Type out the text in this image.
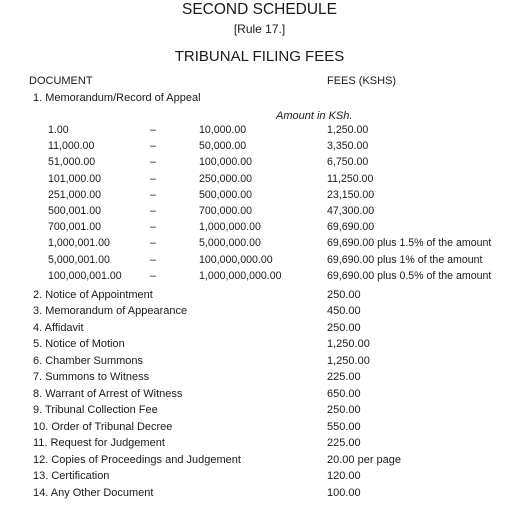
SECOND SCHEDULE
[Rule 17.]
TRIBUNAL FILING FEES
DOCUMENT	FEES (KSHS)
1. Memorandum/Record of Appeal
Amount in KSh.
1.00	–	10,000.00	1,250.00
11,000.00	–	50,000.00	3,350.00
51,000.00	–	100,000.00	6,750.00
101,000.00	–	250,000.00	11,250.00
251,000.00	–	500,000.00	23,150.00
500,001.00	–	700,000.00	47,300.00
700,001.00	–	1,000,000.00	69,690.00
1,000,001.00	–	5,000,000.00	69,690.00 plus 1.5% of the amount
5,000,001.00	–	100,000,000.00	69,690.00 plus 1% of the amount
100,000,001.00	–	1,000,000,000.00	69,690.00 plus 0.5% of the amount
2. Notice of Appointment	250.00
3. Memorandum of Appearance	450.00
4. Affidavit	250.00
5. Notice of Motion	1,250.00
6. Chamber Summons	1,250.00
7. Summons to Witness	225.00
8. Warrant of Arrest of Witness	650.00
9. Tribunal Collection Fee	250.00
10. Order of Tribunal Decree	550.00
11. Request for Judgement	225.00
12. Copies of Proceedings and Judgement	20.00 per page
13. Certification	120.00
14. Any Other Document	100.00
